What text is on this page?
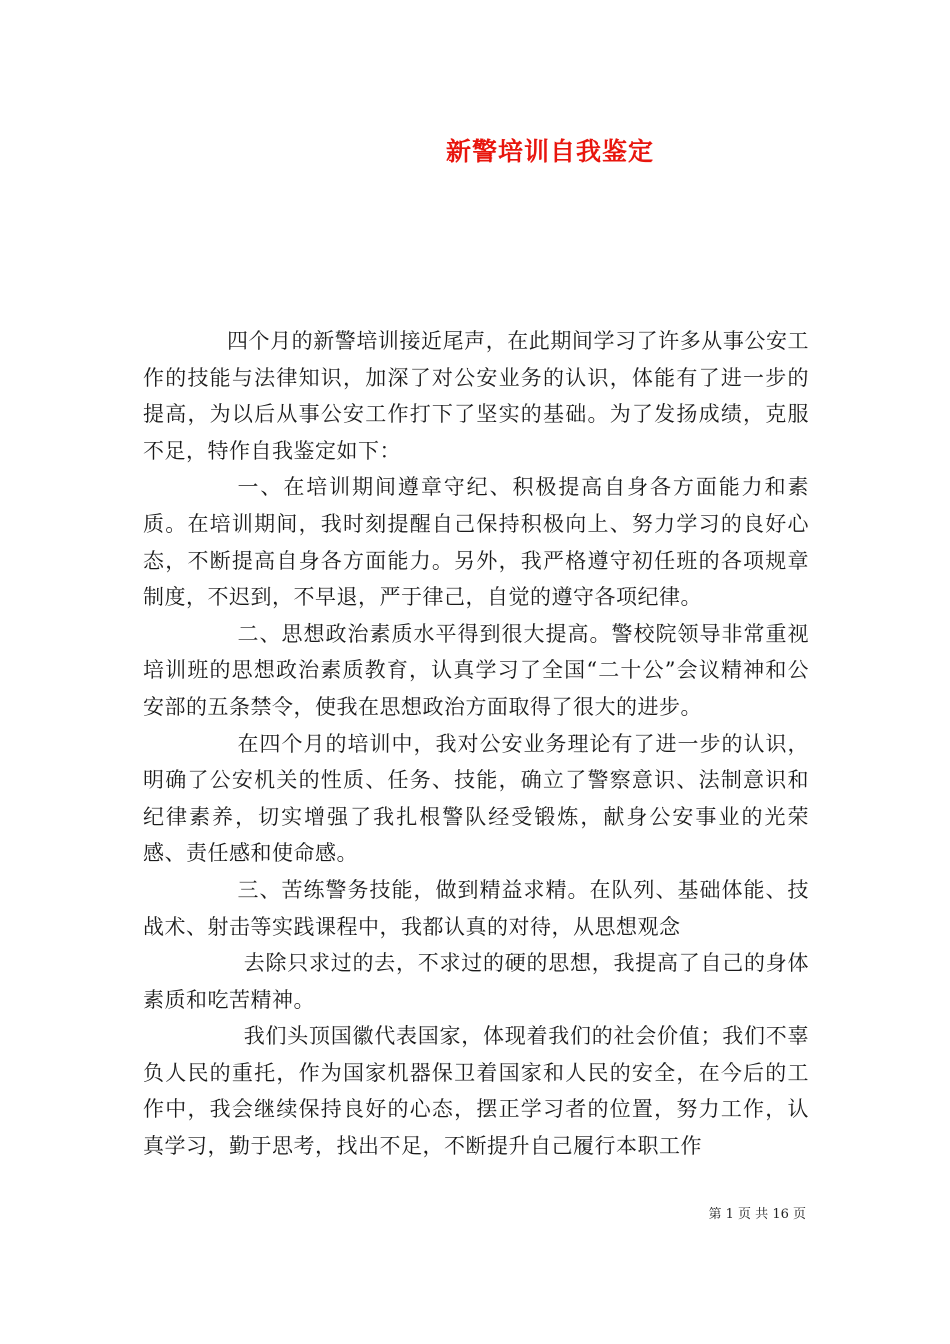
新警培训自我鉴定

四个月的新警培训接近尾声，在此期间学习了许多从事公安工作的技能与法律知识，加深了对公安业务的认识，体能有了进一步的提高，为以后从事公安工作打下了坚实的基础。为了发扬成绩，克服不足，特作自我鉴定如下：

一、在培训期间遵章守纪、积极提高自身各方面能力和素质。在培训期间，我时刻提醒自己保持积极向上、努力学习的良好心态，不断提高自身各方面能力。另外，我严格遵守初任班的各项规章制度，不迟到，不早退，严于律己，自觉的遵守各项纪律。

二、思想政治素质水平得到很大提高。警校院领导非常重视培训班的思想政治素质教育，认真学习了全国“二十公”会议精神和公安部的五条禁令，使我在思想政治方面取得了很大的进步。

在四个月的培训中，我对公安业务理论有了进一步的认识，明确了公安机关的性质、任务、技能，确立了警察意识、法制意识和纪律素养，切实增强了我扎根警队经受锻炼，献身公安事业的光荣感、责任感和使命感。

三、苦练警务技能，做到精益求精。在队列、基础体能、技战术、射击等实践课程中，我都认真的对待，从思想观念

去除只求过的去，不求过的硬的思想，我提高了自己的身体素质和吃苦精神。

我们头顶国徽代表国家，体现着我们的社会价值；我们不辜负人民的重托，作为国家机器保卫着国家和人民的安全，在今后的工作中，我会继续保持良好的心态，摆正学习者的位置，努力工作，认真学习，勤于思考，找出不足，不断提升自己履行本职工作

第 1 页 共 16 页
